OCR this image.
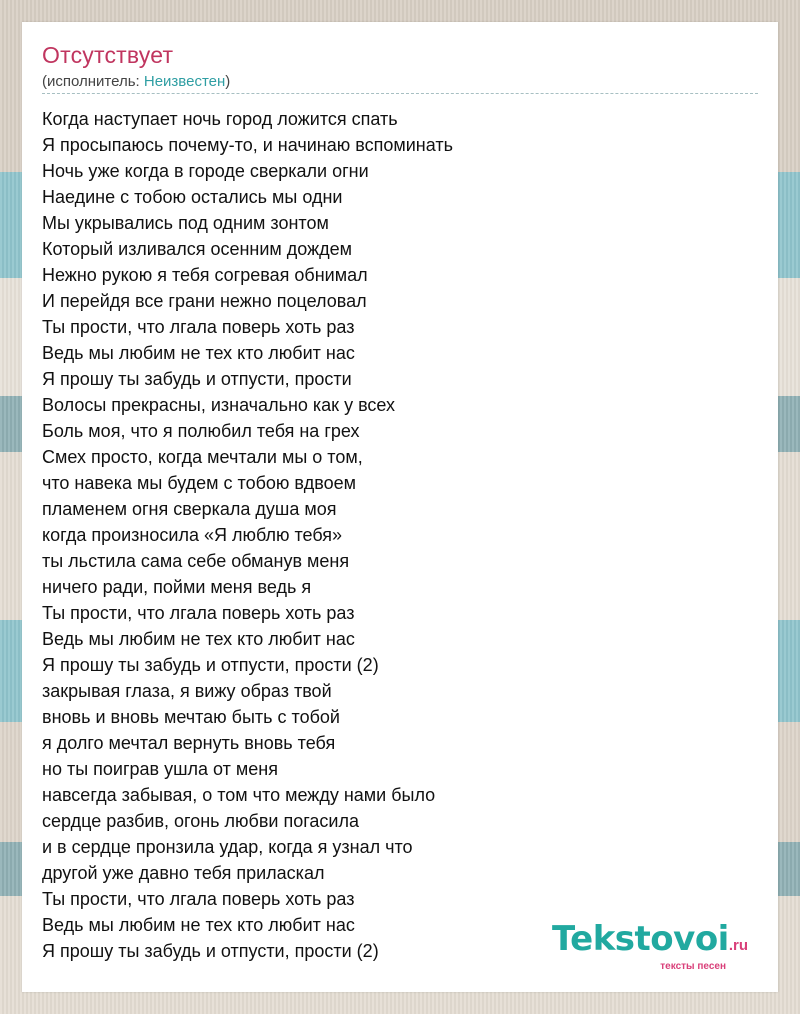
Отсутствует
(исполнитель: Неизвестен)
Когда наступает ночь город ложится спать
Я просыпаюсь почему-то, и начинаю вспоминать
Ночь уже когда в городе сверкали огни
Наедине с тобою остались мы одни
Мы укрывались под одним зонтом
Который изливался осенним дождем
Нежно рукою я тебя согревая обнимал
И перейдя все грани нежно поцеловал
Ты прости, что лгала поверь хоть раз
Ведь мы любим не тех кто любит нас
Я прошу ты забудь и отпусти, прости
Волосы прекрасны, изначально как у всех
Боль моя, что я полюбил тебя на грех
Смех просто, когда мечтали мы о том,
что навека мы будем с тобою вдвоем
пламенем огня сверкала душа моя
когда произносила «Я люблю тебя»
ты льстила сама себе обманув меня
ничего ради, пойми меня ведь я
Ты прости, что лгала поверь хоть раз
Ведь мы любим не тех кто любит нас
Я прошу ты забудь и отпусти, прости (2)
закрывая глаза, я вижу образ твой
вновь и вновь мечтаю быть с тобой
я долго мечтал вернуть вновь тебя
но ты поиграв ушла от меня
навсегда забывая, о том что между нами было
сердце разбив, огонь любви погасила
и в сердце пронзила удар, когда я узнал что
другой уже давно тебя приласкал
Ты прости, что лгала поверь хоть раз
Ведь мы любим не тех кто любит нас
Я прошу ты забудь и отпусти, прости (2)	Tekstovoi.ru
тексты песен
